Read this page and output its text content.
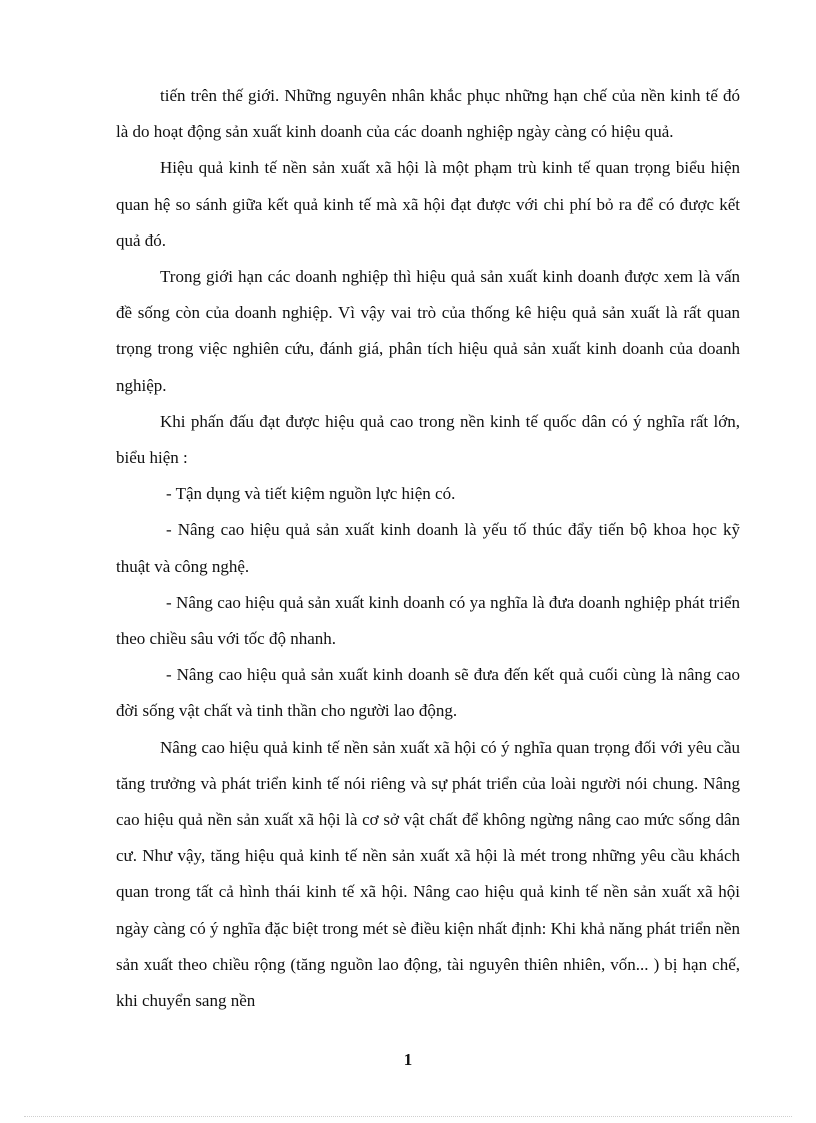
tiến trên thế giới. Những nguyên nhân khắc phục những hạn chế của nền kinh tế đó là do hoạt động sản xuất kinh doanh của các doanh nghiệp ngày càng có hiệu quả.

Hiệu quả kinh tế nền sản xuất xã hội là một phạm trù kinh tế quan trọng biểu hiện quan hệ so sánh giữa kết quả kinh tế mà xã hội đạt được với chi phí bỏ ra để có được kết quả đó.

Trong giới hạn các doanh nghiệp thì hiệu quả sản xuất kinh doanh được xem là vấn đề sống còn của doanh nghiệp. Vì vậy vai trò của thống kê hiệu quả sản xuất là rất quan trọng trong việc nghiên cứu, đánh giá, phân tích hiệu quả sản xuất kinh doanh của doanh nghiệp.

Khi phấn đấu đạt được hiệu quả cao trong nền kinh tế quốc dân có ý nghĩa rất lớn, biểu hiện :

- Tận dụng và tiết kiệm nguồn lực hiện có.

- Nâng cao hiệu quả sản xuất kinh doanh là yếu tố thúc đẩy tiến bộ khoa học kỹ thuật và công nghệ.

- Nâng cao hiệu quả sản xuất kinh doanh có ya nghĩa là đưa doanh nghiệp phát triển theo chiều sâu với tốc độ nhanh.

- Nâng cao hiệu quả sản xuất kinh doanh sẽ đưa đến kết quả cuối cùng là nâng cao đời sống vật chất và tinh thần cho người lao động.

Nâng cao hiệu quả kinh tế nền sản xuất xã hội có ý nghĩa quan trọng đối với yêu cầu tăng trưởng và phát triển kinh tế nói riêng và sự phát triển của loài người nói chung. Nâng cao hiệu quả nền sản xuất xã hội là cơ sở vật chất để không ngừng nâng cao mức sống dân cư. Như vậy, tăng hiệu quả kinh tế nền sản xuất xã hội là mét trong những yêu cầu khách quan trong tất cả hình thái kinh tế xã hội. Nâng cao hiệu quả kinh tế nền sản xuất xã hội ngày càng có ý nghĩa đặc biệt trong mét sè điều kiện nhất định: Khi khả năng phát triển nền sản xuất theo chiều rộng (tăng nguồn lao động, tài nguyên thiên nhiên, vốn... ) bị hạn chế, khi chuyển sang nền

1
